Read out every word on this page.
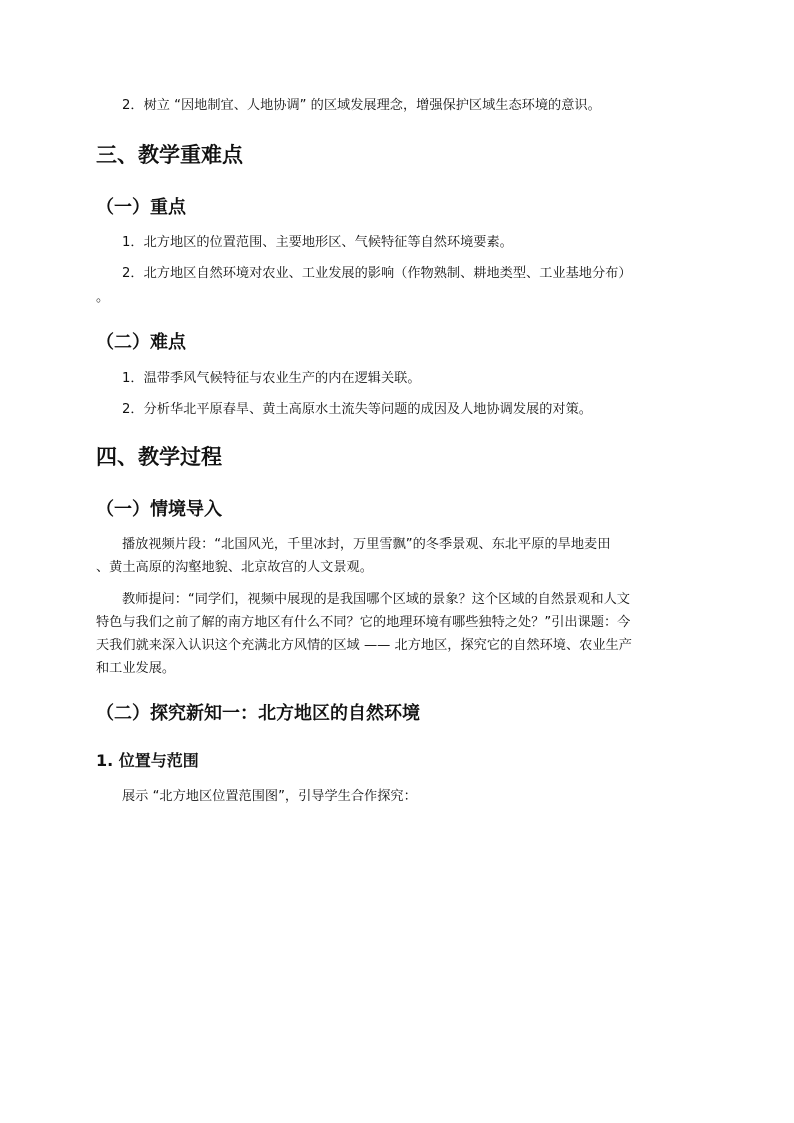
2．树立 “因地制宜、人地协调” 的区域发展理念，增强保护区域生态环境的意识。

三、教学重难点
（一）重点

1．北方地区的位置范围、主要地形区、气候特征等自然环境要素。

2．北方地区自然环境对农业、工业发展的影响（作物熟制、耕地类型、工业基地分布）

。

（二）难点

1．温带季风气候特征与农业生产的内在逻辑关联。

2．分析华北平原春旱、黄土高原水土流失等问题的成因及人地协调发展的对策。

四、教学过程
（一）情境导入

播放视频片段：“北国风光，千里冰封，万里雪飘”的冬季景观、东北平原的旱地麦田

、黄土高原的沟壑地貌、北京故宫的人文景观。

教师提问：“同学们，视频中展现的是我国哪个区域的景象？这个区域的自然景观和人文

特色与我们之前了解的南方地区有什么不同？它的地理环境有哪些独特之处？”引出课题：今

天我们就来深入认识这个充满北方风情的区域 —— 北方地区，探究它的自然环境、农业生产

和工业发展。

（二）探究新知一：北方地区的自然环境
1. 位置与范围

展示 “北方地区位置范围图”，引导学生合作探究：
